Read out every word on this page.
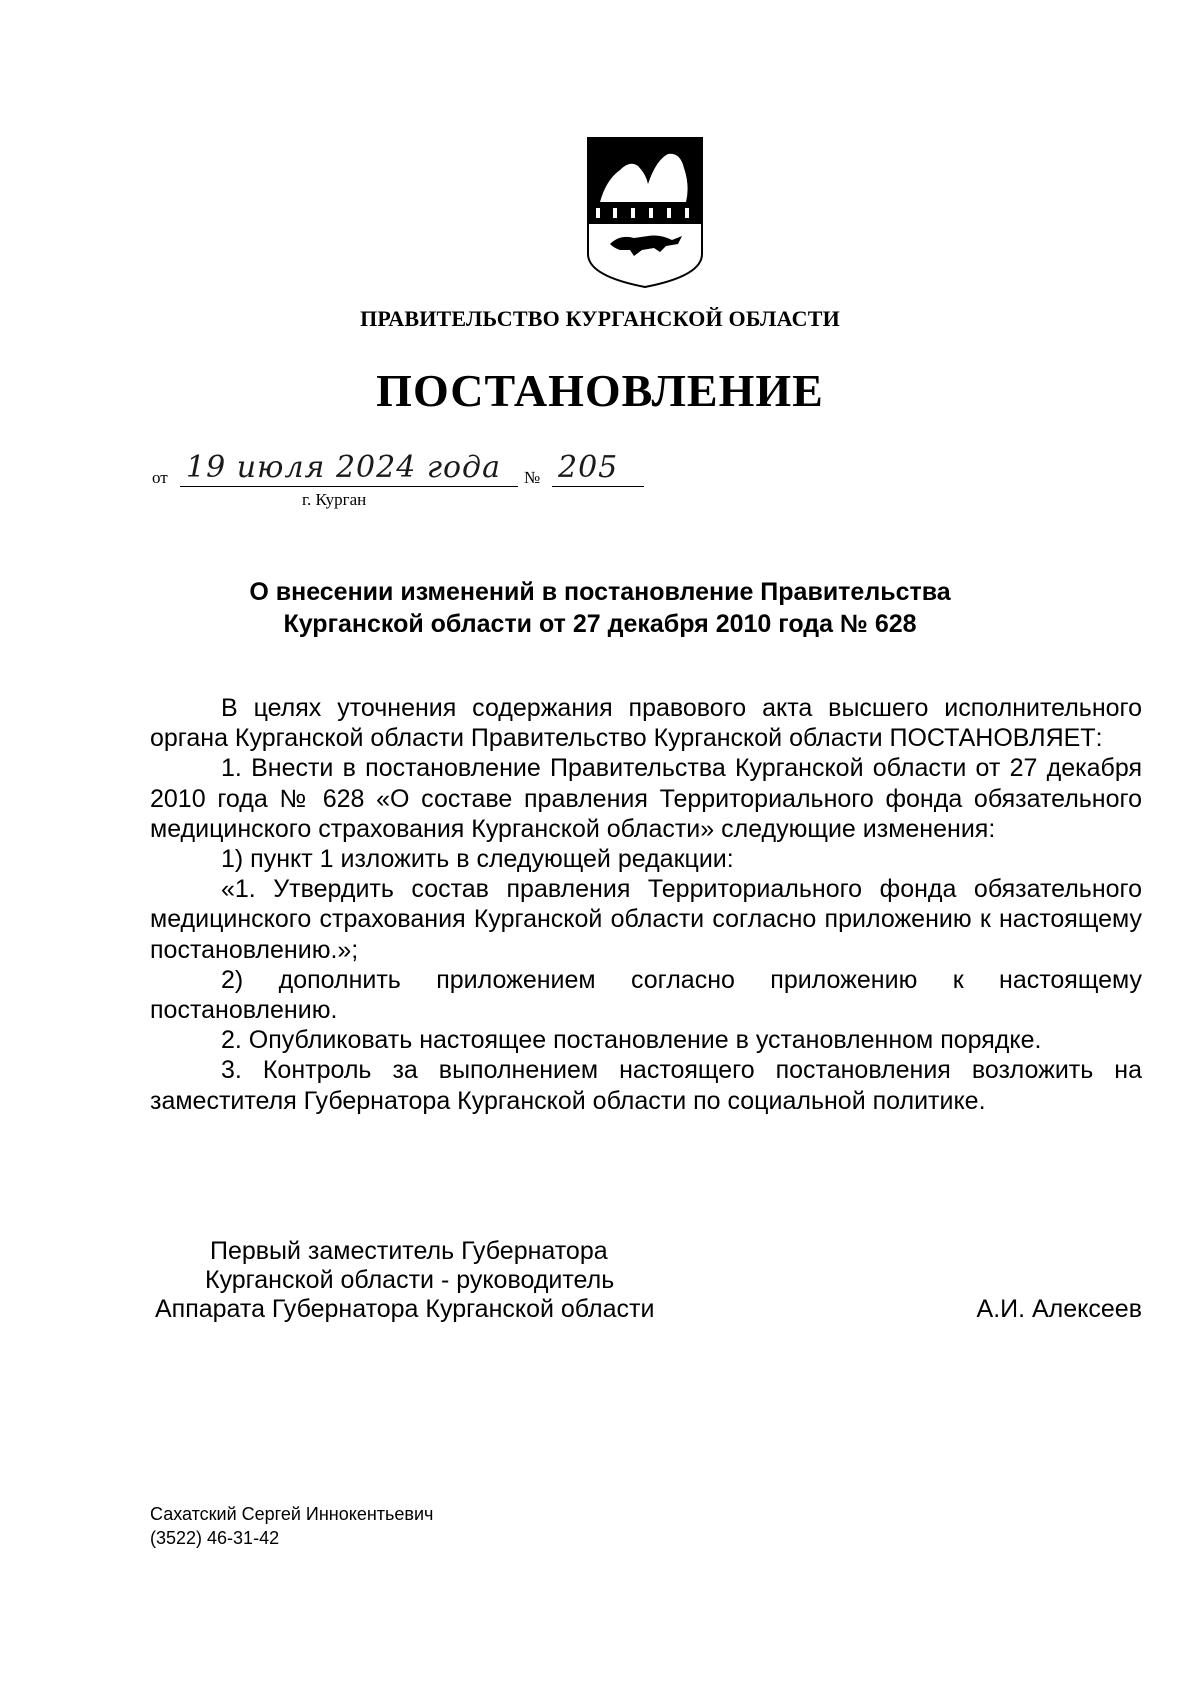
ПРАВИТЕЛЬСТВО КУРГАНСКОЙ ОБЛАСТИ
ПОСТАНОВЛЕНИЕ
от 19 июля 2024 года № 205
г. Курган
О внесении изменений в постановление Правительства
Курганской области от 27 декабря 2010 года № 628

В целях уточнения содержания правового акта высшего исполнительного органа Курганской области Правительство Курганской области ПОСТАНОВЛЯЕТ:

1. Внести в постановление Правительства Курганской области от 27 декабря 2010 года № 628 «О составе правления Территориального фонда обязательного медицинского страхования Курганской области» следующие изменения:

1) пункт 1 изложить в следующей редакции:

«1. Утвердить состав правления Территориального фонда обязательного медицинского страхования Курганской области согласно приложению к настоящему постановлению.»;

2) дополнить приложением согласно приложению к настоящему постановлению.

2. Опубликовать настоящее постановление в установленном порядке.

3. Контроль за выполнением настоящего постановления возложить на заместителя Губернатора Курганской области по социальной политике.

Первый заместитель Губернатора
Курганской области - руководитель
Аппарата Губернатора Курганской области	А.И. Алексеев
Сахатский Сергей Иннокентьевич
(3522) 46-31-42
